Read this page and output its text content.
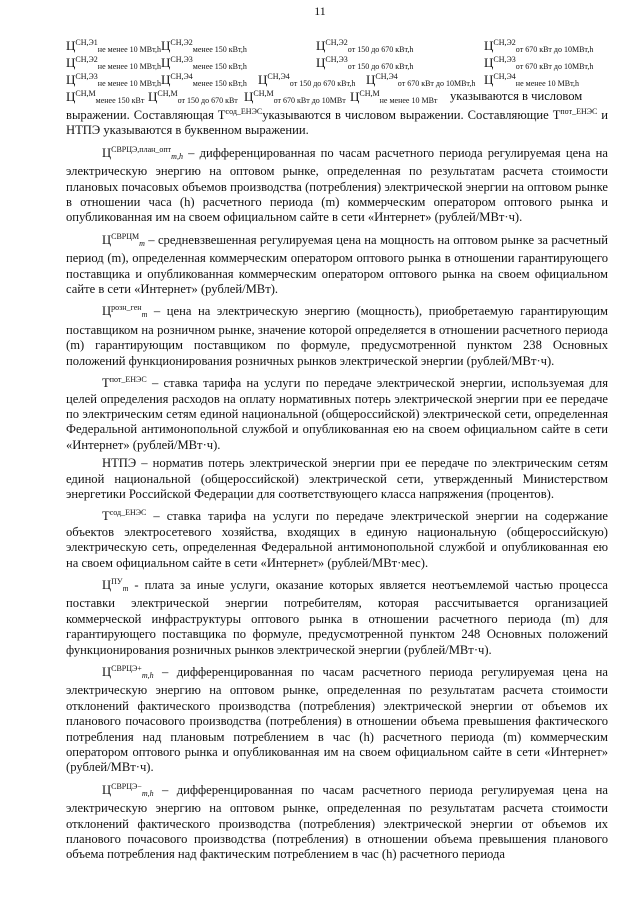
11
$Ц^{СН,Э1}_{не менее 10 МВт,h}$ $Ц^{СН,Э2}_{менее 150 кВт,h}$	$Ц^{СН,Э2}_{от 150 до 670 кВт,h}$	$Ц^{СН,Э2}_{от 670 кВт до 10МВт,h}$
$Ц^{СН,Э2}_{не менее 10 МВт,h}$ $Ц^{СН,Э3}_{менее 150 кВт,h}$	$Ц^{СН,Э3}_{от 150 до 670 кВт,h}$	$Ц^{СН,Э3}_{от 670 кВт до 10МВт,h}$
$Ц^{СН,Э3}_{не менее 10 МВт,h}$ $Ц^{СН,Э4}_{менее 150 кВт,h}$ $Ц^{СН,Э4}_{от 150 до 670 кВт,h}$ $Ц^{СН,Э4}_{от 670 кВт до 10МВт,h}$ $Ц^{СН,Э4}_{не менее 10 МВт,h}$
$Ц^{СН,М}_{менее 150 кВт}$ $Ц^{СН,М}_{от 150 до 670 кВт}$ $Ц^{СН,М}_{от 670 кВт до 10МВт}$ $Ц^{СН,М}_{не менее 10 МВт}$ указываются в числовом

выражении. Составляющая $Т^{сод\_ЕНЭС}указываются$ в числовом выражении. Составляющие $Т^{пот\_ЕНЭС}$ и НТПЭ указываются в буквенном выражении.

$Ц^{СВРЦЭ,план\_опт}_{m,h}$ – дифференцированная по часам расчетного периода регулируемая цена на электрическую энергию на оптовом рынке, определенная по результатам расчета стоимости плановых почасовых объемов производства (потребления) электрической энергии на оптовом рынке в отношении часа (h) расчетного периода (m) коммерческим оператором оптового рынка и опубликованная им на своем официальном сайте в сети «Интернет» (рублей/МВт·ч).

$Ц^{СВРЦМ}_m$ – средневзвешенная регулируемая цена на мощность на оптовом рынке за расчетный период (m), определенная коммерческим оператором оптового рынка в отношении гарантирующего поставщика и опубликованная коммерческим оператором оптового рынка на своем официальном сайте в сети «Интернет» (рублей/МВт).

$Ц^{розн\_ген}_m$ – цена на электрическую энергию (мощность), приобретаемую гарантирующим поставщиком на розничном рынке, значение которой определяется в отношении расчетного периода (m) гарантирующим поставщиком по формуле, предусмотренной пунктом 238 Основных положений функционирования розничных рынков электрической энергии (рублей/МВт·ч).

$Т^{пот\_ЕНЭС}$ – ставка тарифа на услуги по передаче электрической энергии, используемая для целей определения расходов на оплату нормативных потерь электрической энергии при ее передаче по электрическим сетям единой национальной (общероссийской) электрической сети, определенная Федеральной антимонопольной службой и опубликованная ею на своем официальном сайте в сети «Интернет» (рублей/МВт·ч).

НТПЭ – норматив потерь электрической энергии при ее передаче по электрическим сетям единой национальной (общероссийской) электрической сети, утвержденный Министерством энергетики Российской Федерации для соответствующего класса напряжения (процентов).

$Т^{сод\_ЕНЭС}$ – ставка тарифа на услуги по передаче электрической энергии на содержание объектов электросетевого хозяйства, входящих в единую национальную (общероссийскую) электрическую сеть, определенная Федеральной антимонопольной службой и опубликованная ею на своем официальном сайте в сети «Интернет» (рублей/МВт·мес).

$Ц^{ПУ}_m$ - плата за иные услуги, оказание которых является неотъемлемой частью процесса поставки электрической энергии потребителям, которая рассчитывается организацией коммерческой инфраструктуры оптового рынка в отношении расчетного периода (m) для гарантирующего поставщика по формуле, предусмотренной пунктом 248 Основных положений функционирования розничных рынков электрической энергии (рублей/МВт·ч).

$Ц^{СВРЦЭ+}_{m,h}$ – дифференцированная по часам расчетного периода регулируемая цена на электрическую энергию на оптовом рынке, определенная по результатам расчета стоимости отклонений фактического производства (потребления) электрической энергии от объемов их планового почасового производства (потребления) в отношении объема превышения фактического потребления над плановым потреблением в час (h) расчетного периода (m) коммерческим оператором оптового рынка и опубликованная им на своем официальном сайте в сети «Интернет» (рублей/МВт·ч).

$Ц^{СВРЦЭ-}_{m,h}$ – дифференцированная по часам расчетного периода регулируемая цена на электрическую энергию на оптовом рынке, определенная по результатам расчета стоимости отклонений фактического производства (потребления) электрической энергии от объемов их планового почасового производства (потребления) в отношении объема превышения планового объема потребления над фактическим потреблением в час (h) расчетного периода
